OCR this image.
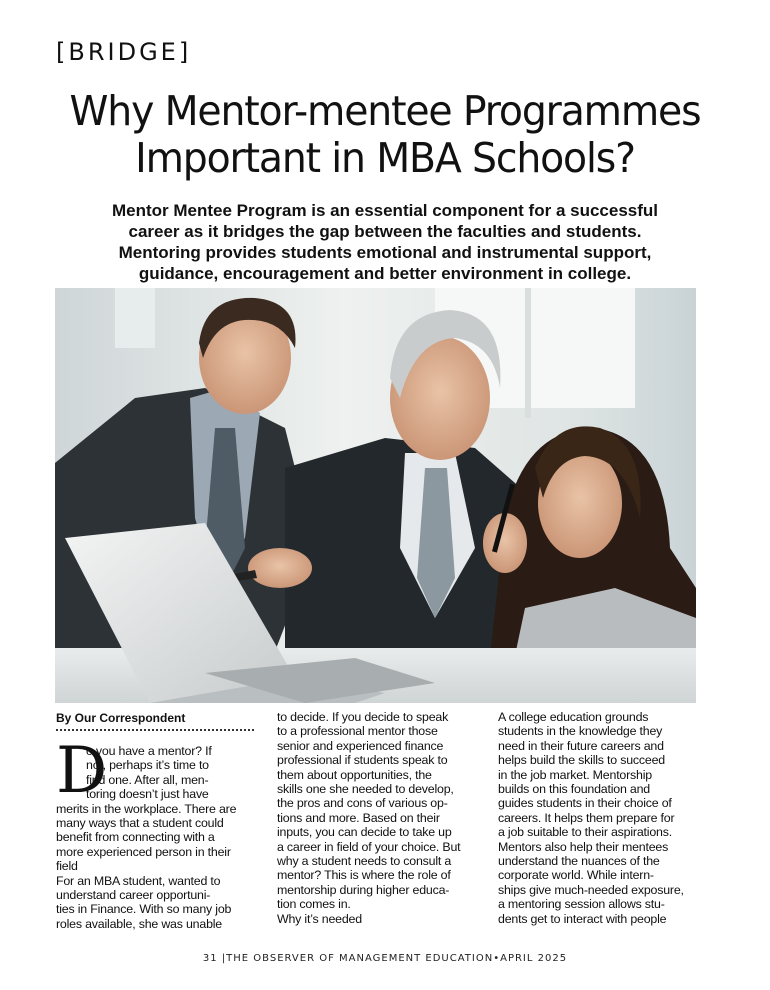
[BRIDGE]
Why Mentor-mentee Programmes
Important in MBA Schools?
Mentor Mentee Program is an essential component for a successful
career as it bridges the gap between the faculties and students.
Mentoring provides students emotional and instrumental support,
guidance, encouragement and better environment in college.
By Our Correspondent
D
o you have a mentor? If
not, perhaps it’s time to
find one. After all, men-
toring doesn’t just have
merits in the workplace. There are
many ways that a student could
benefit from connecting with a
more experienced person in their
field
For an MBA student, wanted to
understand career opportuni-
ties in Finance. With so many job
roles available, she was unable
to decide. If you decide to speak
to a professional mentor those
senior and experienced finance
professional if students speak to
them about opportunities, the
skills one she needed to develop,
the pros and cons of various op-
tions and more. Based on their
inputs, you can decide to take up
a career in field of your choice. But
why a student needs to consult a
mentor? This is where the role of
mentorship during higher educa-
tion comes in.
Why it’s needed
A college education grounds
students in the knowledge they
need in their future careers and
helps build the skills to succeed
in the job market. Mentorship
builds on this foundation and
guides students in their choice of
careers. It helps them prepare for
a job suitable to their aspirations.
Mentors also help their mentees
understand the nuances of the
corporate world. While intern-
ships give much-needed exposure,
a mentoring session allows stu-
dents get to interact with people
31 |THE OBSERVER OF MANAGEMENT EDUCATION•APRIL 2025
